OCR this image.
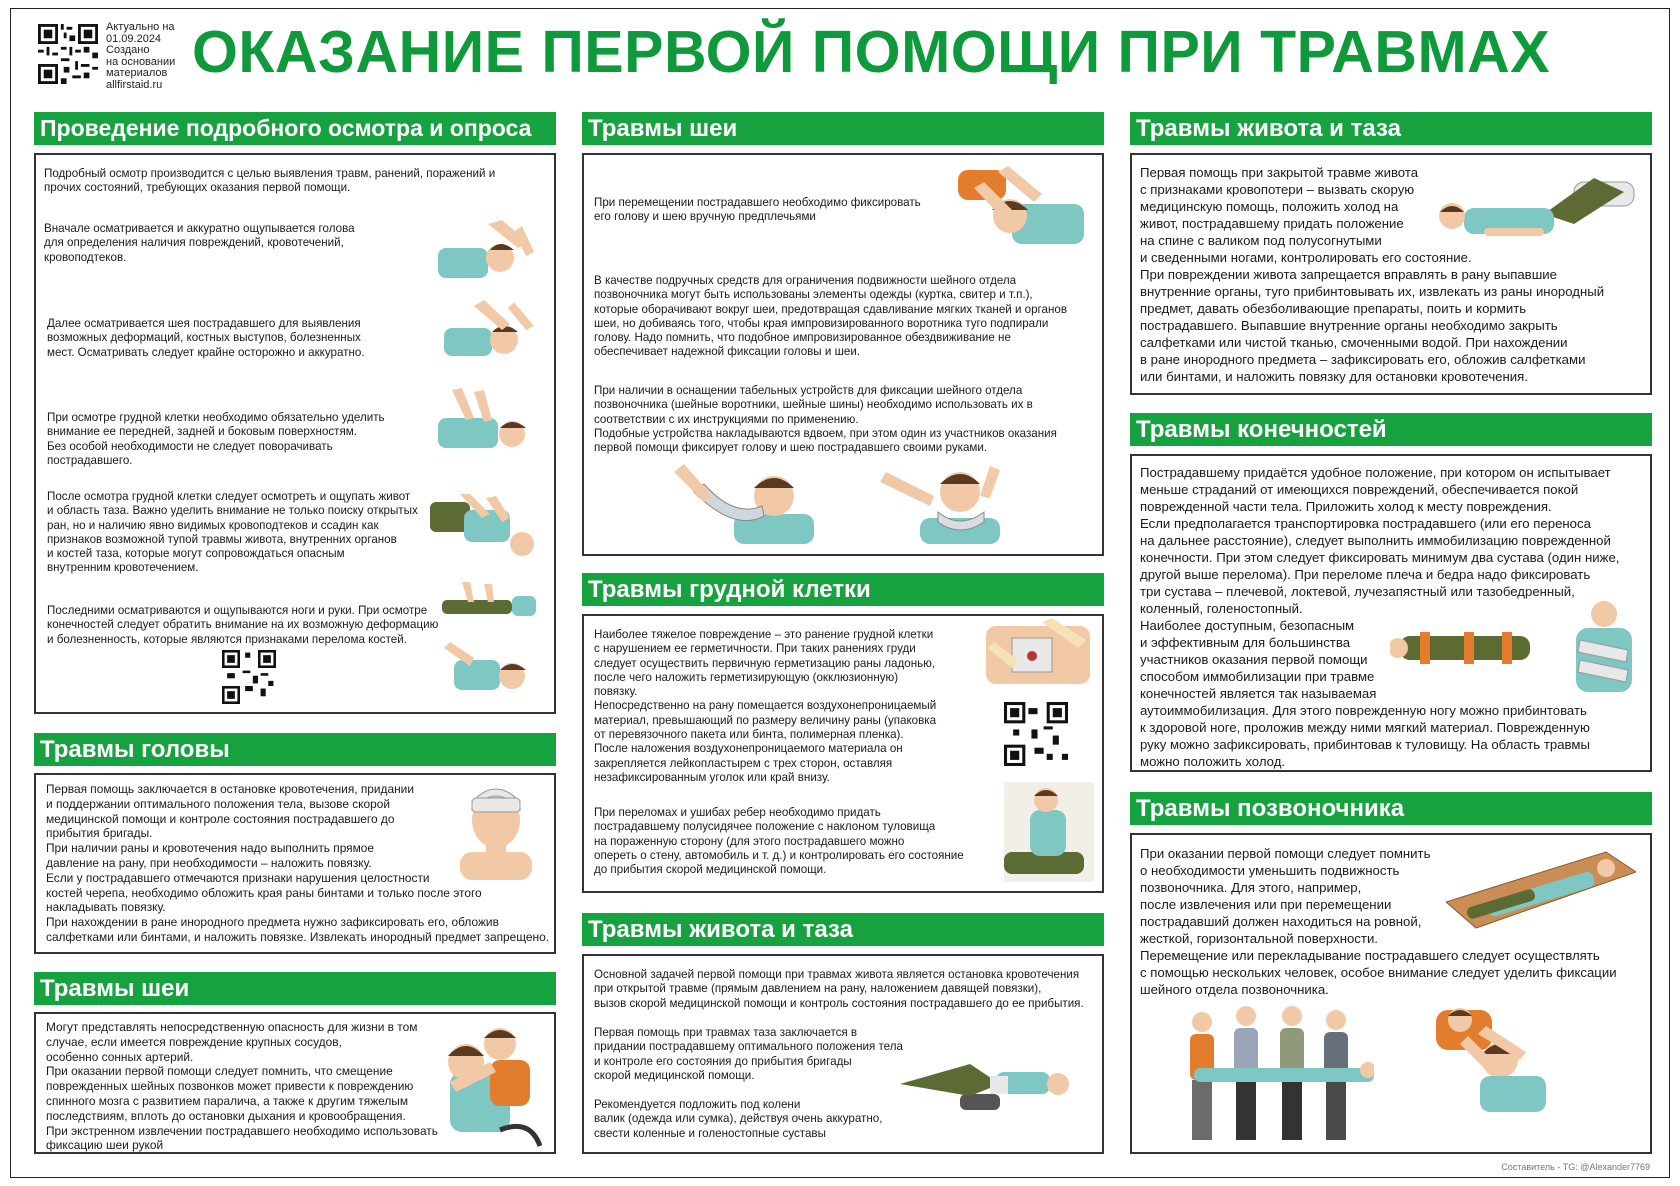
Актуально на
01.09.2024
Создано
на основании
материалов
allfirstaid.ru ОКАЗАНИЕ ПЕРВОЙ ПОМОЩИ ПРИ ТРАВМАХ
Проведение подробного осмотра и опроса
Подробный осмотр производится с целью выявления травм, ранений, поражений и
прочих состояний, требующих оказания первой помощи.
Вначале осматривается и аккуратно ощупывается голова
для определения наличия повреждений, кровотечений,
кровоподтеков.
Далее осматривается шея пострадавшего для выявления
возможных деформаций, костных выступов, болезненных
мест. Осматривать следует крайне осторожно и аккуратно.
При осмотре грудной клетки необходимо обязательно уделить
внимание ее передней, задней и боковым поверхностям.
Без особой необходимости не следует поворачивать
пострадавшего.
После осмотра грудной клетки следует осмотреть и ощупать живот
и область таза. Важно уделить внимание не только поиску открытых
ран, но и наличию явно видимых кровоподтеков и ссадин как
признаков возможной тупой травмы живота, внутренних органов
и костей таза, которые могут сопровождаться опасным
внутренним кровотечением.
Последними осматриваются и ощупываются ноги и руки. При осмотре
конечностей следует обратить внимание на их возможную деформацию
и болезненность, которые являются признаками перелома костей.
Травмы головы
Первая помощь заключается в остановке кровотечения, придании
и поддержании оптимального положения тела, вызове скорой
медицинской помощи и контроле состояния пострадавшего до
прибытия бригады.
При наличии раны и кровотечения надо выполнить прямое
давление на рану, при необходимости – наложить повязку.
Если у пострадавшего отмечаются признаки нарушения целостности
костей черепа, необходимо обложить края раны бинтами и только после этого
накладывать повязку.
При нахождении в ране инородного предмета нужно зафиксировать его, обложив
салфетками или бинтами, и наложить повязке. Извлекать инородный предмет запрещено.
Травмы шеи
Могут представлять непосредственную опасность для жизни в том
случае, если имеется повреждение крупных сосудов,
особенно сонных артерий.
При оказании первой помощи следует помнить, что смещение
поврежденных шейных позвонков может привести к повреждению
спинного мозга с развитием паралича, а также к другим тяжелым
последствиям, вплоть до остановки дыхания и кровообращения.
При экстренном извлечении пострадавшего необходимо использовать
фиксацию шеи рукой
Травмы шеи
При перемещении пострадавшего необходимо фиксировать
его голову и шею вручную предплечьями
В качестве подручных средств для ограничения подвижности шейного отдела
позвоночника могут быть использованы элементы одежды (куртка, свитер и т.п.),
которые оборачивают вокруг шеи, предотвращая сдавливание мягких тканей и органов
шеи, но добиваясь того, чтобы края импровизированного воротника туго подпирали
голову. Надо помнить, что подобное импровизированное обездвиживание не
обеспечивает надежной фиксации головы и шеи.
При наличии в оснащении табельных устройств для фиксации шейного отдела
позвоночника (шейные воротники, шейные шины) необходимо использовать их в
соответствии с их инструкциями по применению.
Подобные устройства накладываются вдвоем, при этом один из участников оказания
первой помощи фиксирует голову и шею пострадавшего своими руками.
Травмы грудной клетки
Наиболее тяжелое повреждение – это ранение грудной клетки
с нарушением ее герметичности. При таких ранениях груди
следует осуществить первичную герметизацию раны ладонью,
после чего наложить герметизирующую (окклюзионную)
повязку.
Непосредственно на рану помещается воздухонепроницаемый
материал, превышающий по размеру величину раны (упаковка
от перевязочного пакета или бинта, полимерная пленка).
После наложения воздухонепроницаемого материала он
закрепляется лейкопластырем с трех сторон, оставляя
незафиксированным уголок или край внизу.
При переломах и ушибах ребер необходимо придать
пострадавшему полусидячее положение с наклоном туловища
на пораженную сторону (для этого пострадавшего можно
опереть о стену, автомобиль и т. д.) и контролировать его состояние
до прибытия скорой медицинской помощи.
Травмы живота и таза
Основной задачей первой помощи при травмах живота является остановка кровотечения
при открытой травме (прямым давлением на рану, наложением давящей повязки),
вызов скорой медицинской помощи и контроль состояния пострадавшего до ее прибытия.
Первая помощь при травмах таза заключается в
придании пострадавшему оптимального положения тела
и контроле его состояния до прибытия бригады
скорой медицинской помощи.
Рекомендуется подложить под колени
валик (одежда или сумка), действуя очень аккуратно,
свести коленные и голеностопные суставы
Травмы живота и таза
Первая помощь при закрытой травме живота
с признаками кровопотери – вызвать скорую
медицинскую помощь, положить холод на
живот, пострадавшему придать положение
на спине с валиком под полусогнутыми
и сведенными ногами, контролировать его состояние.
При повреждении живота запрещается вправлять в рану выпавшие
внутренние органы, туго прибинтовывать их, извлекать из раны инородный
предмет, давать обезболивающие препараты, поить и кормить
пострадавшего. Выпавшие внутренние органы необходимо закрыть
салфетками или чистой тканью, смоченными водой. При нахождении
в ране инородного предмета – зафиксировать его, обложив салфетками
или бинтами, и наложить повязку для остановки кровотечения.
Травмы конечностей
Пострадавшему придаётся удобное положение, при котором он испытывает
меньше страданий от имеющихся повреждений, обеспечивается покой
поврежденной части тела. Приложить холод к месту повреждения.
Если предполагается транспортировка пострадавшего (или его переноса
на дальнее расстояние), следует выполнить иммобилизацию поврежденной
конечности. При этом следует фиксировать минимум два сустава (один ниже,
другой выше перелома). При переломе плеча и бедра надо фиксировать
три сустава – плечевой, локтевой, лучезапястный или тазобедренный,
коленный, голеностопный.
Наиболее доступным, безопасным
и эффективным для большинства
участников оказания первой помощи
способом иммобилизации при травме
конечностей является так называемая
аутоиммобилизация. Для этого поврежденную ногу можно прибинтовать
к здоровой ноге, проложив между ними мягкий материал. Поврежденную
руку можно зафиксировать, прибинтовав к туловищу. На область травмы
можно положить холод.
Травмы позвоночника
При оказании первой помощи следует помнить
о необходимости уменьшить подвижность
позвоночника. Для этого, например,
после извлечения или при перемещении
пострадавший должен находиться на ровной,
жесткой, горизонтальной поверхности.
Перемещение или перекладывание пострадавшего следует осуществлять
с помощью нескольких человек, особое внимание следует уделить фиксации
шейного отдела позвоночника.
Составитель - TG: @Alexander7769
